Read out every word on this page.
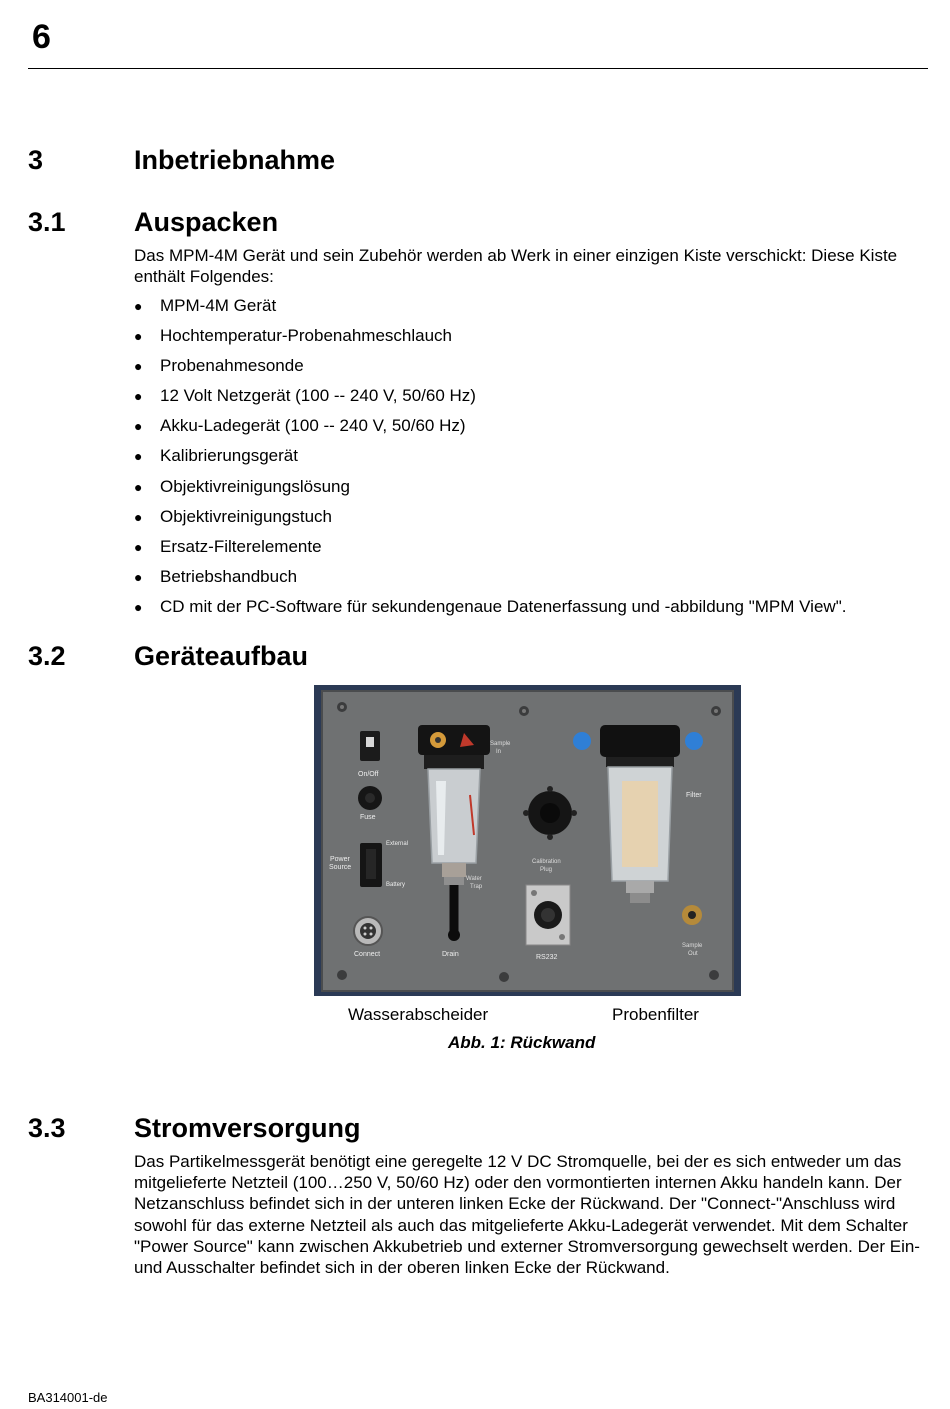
6
3	Inbetriebnahme
3.1	Auspacken
Das MPM-4M Gerät und sein Zubehör werden ab Werk in einer einzigen Kiste verschickt: Diese Kiste enthält Folgendes:
● MPM-4M Gerät
● Hochtemperatur-Probenahmeschlauch
● Probenahmesonde
● 12 Volt Netzgerät (100 -- 240 V, 50/60 Hz)
● Akku-Ladegerät (100 -- 240 V, 50/60 Hz)
● Kalibrierungsgerät
● Objektivreinigungslösung
● Objektivreinigungstuch
● Ersatz-Filterelemente
● Betriebshandbuch
● CD mit der PC-Software für sekundengenaue Datenerfassung und -abbildung "MPM View".
3.2	Geräteaufbau
On/Off
Fuse
Power
Source
External
Battery
Connect
Sample
In
Water
Trap
Drain
Calibration
Plug
RS232
Filter
Sample
Out
Wasserabscheider	Probenfilter
Abb. 1: Rückwand
3.3	Stromversorgung
Das Partikelmessgerät benötigt eine geregelte 12 V DC Stromquelle, bei der es sich entweder um das mitgelieferte Netzteil (100…250 V, 50/60 Hz) oder den vormontierten internen Akku handeln kann. Der Netzanschluss befindet sich in der unteren linken Ecke der Rückwand. Der "Connect-"Anschluss wird sowohl für das externe Netzteil als auch das mitgelieferte Akku-Ladegerät verwendet. Mit dem Schalter "Power Source" kann zwischen Akkubetrieb und externer Stromversorgung gewechselt werden. Der Ein- und Ausschalter befindet sich in der oberen linken Ecke der Rückwand.
BA314001-de
